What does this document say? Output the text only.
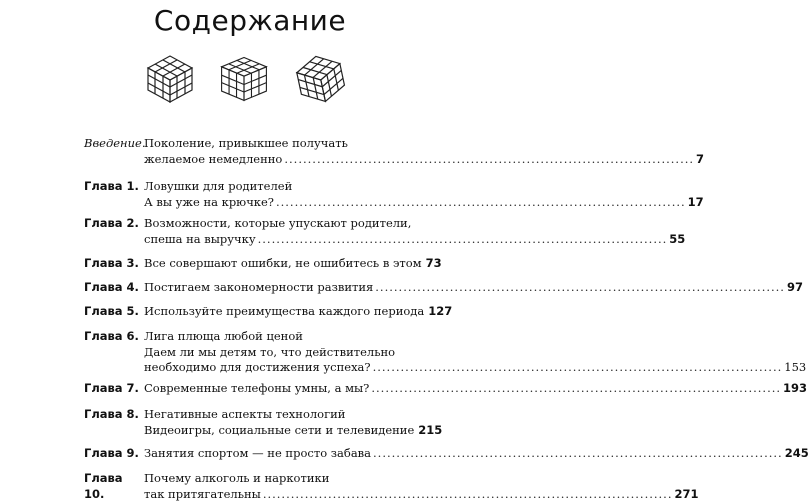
Содержание
Введение.
Поколение, привыкшее получать
желаемое немедленно ........................................................................................ 7
Глава 1. Ловушки для родителей
А вы уже на крючке? ........................................................................................ 17
Глава 2. Возможности, которые упускают родители,
спеша на выручку ........................................................................................ 55
Глава 3. Все совершают ошибки, не ошибитесь в этом 73
Глава 4. Постигаем закономерности развития ........................................................................................ 97
Глава 5. Используйте преимущества каждого периода 127
Глава 6. Лига плюща любой ценой
Даем ли мы детям то, что действительно
необходимо для достижения успеха? ........................................................................................ 153
Глава 7. Современные телефоны умны, а мы? ........................................................................................ 193
Глава 8. Негативные аспекты технологий
Видеоигры, социальные сети и телевидение 215
Глава 9. Занятия спортом — не просто забава ........................................................................................ 245
Глава 10.
Почему алкоголь и наркотики
так притягательны ........................................................................................ 271
